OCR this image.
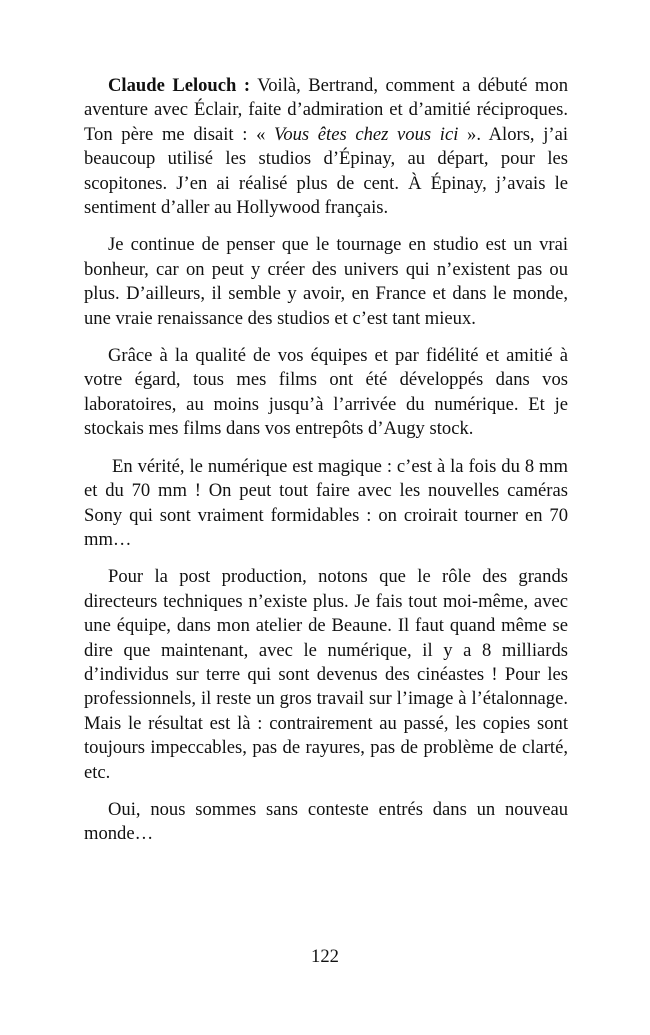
Claude Lelouch : Voilà, Bertrand, comment a débuté mon aventure avec Éclair, faite d’admiration et d’amitié réciproques. Ton père me disait : « Vous êtes chez vous ici ». Alors, j’ai beaucoup utilisé les studios d’Épinay, au départ, pour les scopitones. J’en ai réalisé plus de cent. À Épinay, j’avais le sentiment d’aller au Hollywood français.

Je continue de penser que le tournage en studio est un vrai bonheur, car on peut y créer des univers qui n’existent pas ou plus. D’ailleurs, il semble y avoir, en France et dans le monde, une vraie renaissance des studios et c’est tant mieux.

Grâce à la qualité de vos équipes et par fidélité et amitié à votre égard, tous mes films ont été développés dans vos laboratoires, au moins jusqu’à l’arrivée du numérique. Et je stockais mes films dans vos entrepôts d’Augy stock.

En vérité, le numérique est magique : c’est à la fois du 8 mm et du 70 mm ! On peut tout faire avec les nouvelles caméras Sony qui sont vraiment formidables : on croirait tourner en 70 mm…

Pour la post production, notons que le rôle des grands directeurs techniques n’existe plus. Je fais tout moi-même, avec une équipe, dans mon atelier de Beaune. Il faut quand même se dire que maintenant, avec le numérique, il y a 8 milliards d’individus sur terre qui sont devenus des cinéastes ! Pour les professionnels, il reste un gros travail sur l’image à l’étalonnage. Mais le résultat est là : contrairement au passé, les copies sont toujours impeccables, pas de rayures, pas de problème de clarté, etc.

Oui, nous sommes sans conteste entrés dans un nouveau monde…

122
